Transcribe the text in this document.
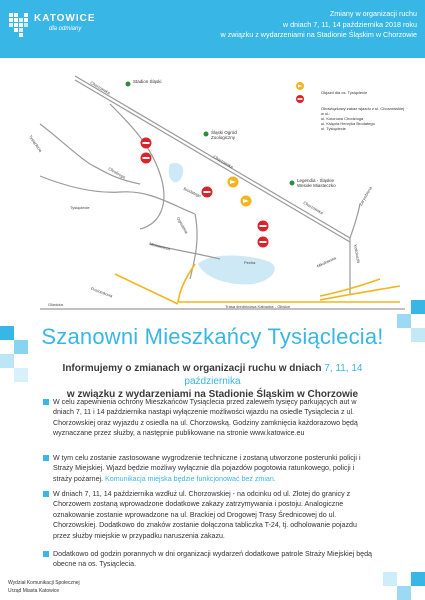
KATOWICE
dla odmiany
Zmiany w organizacji ruchu
w dniach 7, 11, 14 października 2018 roku
w związku z wydarzeniami na Stadionie Śląskim w Chorzowie
Stadion Śląski
Śląski Ogród Zoologiczny
Legendia - Śląskie Wesołe Miasteczko
Chorzowska
Chorzowska
Chorzowska
Tysiąclecia
Brodatego
Chrobrego
Tysiąclecie
Ogrodowa
Mickiewicza
Gliwicka	Trasa średnicowa Katowice - Gliwice
Kościuszki
Pecha
Zarymbiona
Poziomkowa
Mikołowska
Objazd dla os. Tysiąclecie
Obowiązkowy zakaz wjazdu z ul. Chorzowskiej w ul.:
ul. Kolorowa Chodzioga
ul. Księcia Henryka Brodatego
ul. Tysiąclecie
Szanowni Mieszkańcy Tysiąclecia!
Informujemy o zmianach w organizacji ruchu w dniach 7, 11, 14 października
w związku z wydarzeniami na Stadionie Śląskim w Chorzowie
W celu zapewnienia ochrony Mieszkańców Tysiąclecia przed zalewem tysięcy parkujących aut w dniach 7, 11 i 14 października nastąpi wyłączenie możliwości wjazdu na osiedle Tysiąclecia z ul. Chorzowskiej oraz wyjazdu z osiedla na ul. Chorzowską. Godziny zamknięcia każdorazowo będą wyznaczane przez służby, a następnie publikowane na stronie www.katowice.eu
W tym celu zostanie zastosowane wygrodzenie techniczne i zostaną utworzone posterunki policji i Straży Miejskiej. Wjazd będzie możliwy wyłącznie dla pojazdów pogotowia ratunkowego, policji i straży pożarnej. Komunikacja miejska będzie funkcjonować bez zmian.
W dniach 7, 11, 14 października wzdłuż ul. Chorzowskiej - na odcinku od ul. Złotej do granicy z Chorzowem zostaną wprowadzone dodatkowe zakazy zatrzymywania i postoju. Analogiczne oznakowanie zostanie wprowadzone na ul. Brackiej od Drogowej Trasy Średnicowej do ul. Chorzowskiej. Dodatkowo do znaków zostanie dołączona tabliczka T-24, tj. odholowanie pojazdu przez służby miejskie w przypadku naruszenia zakazu.
Dodatkowo od godzin porannych w dni organizacji wydarzeń dodatkowe patrole Straży Miejskiej będą obecne na os. Tysiąclecia.
Wydział Komunikacji Społecznej
Urząd Miasta Katowice
